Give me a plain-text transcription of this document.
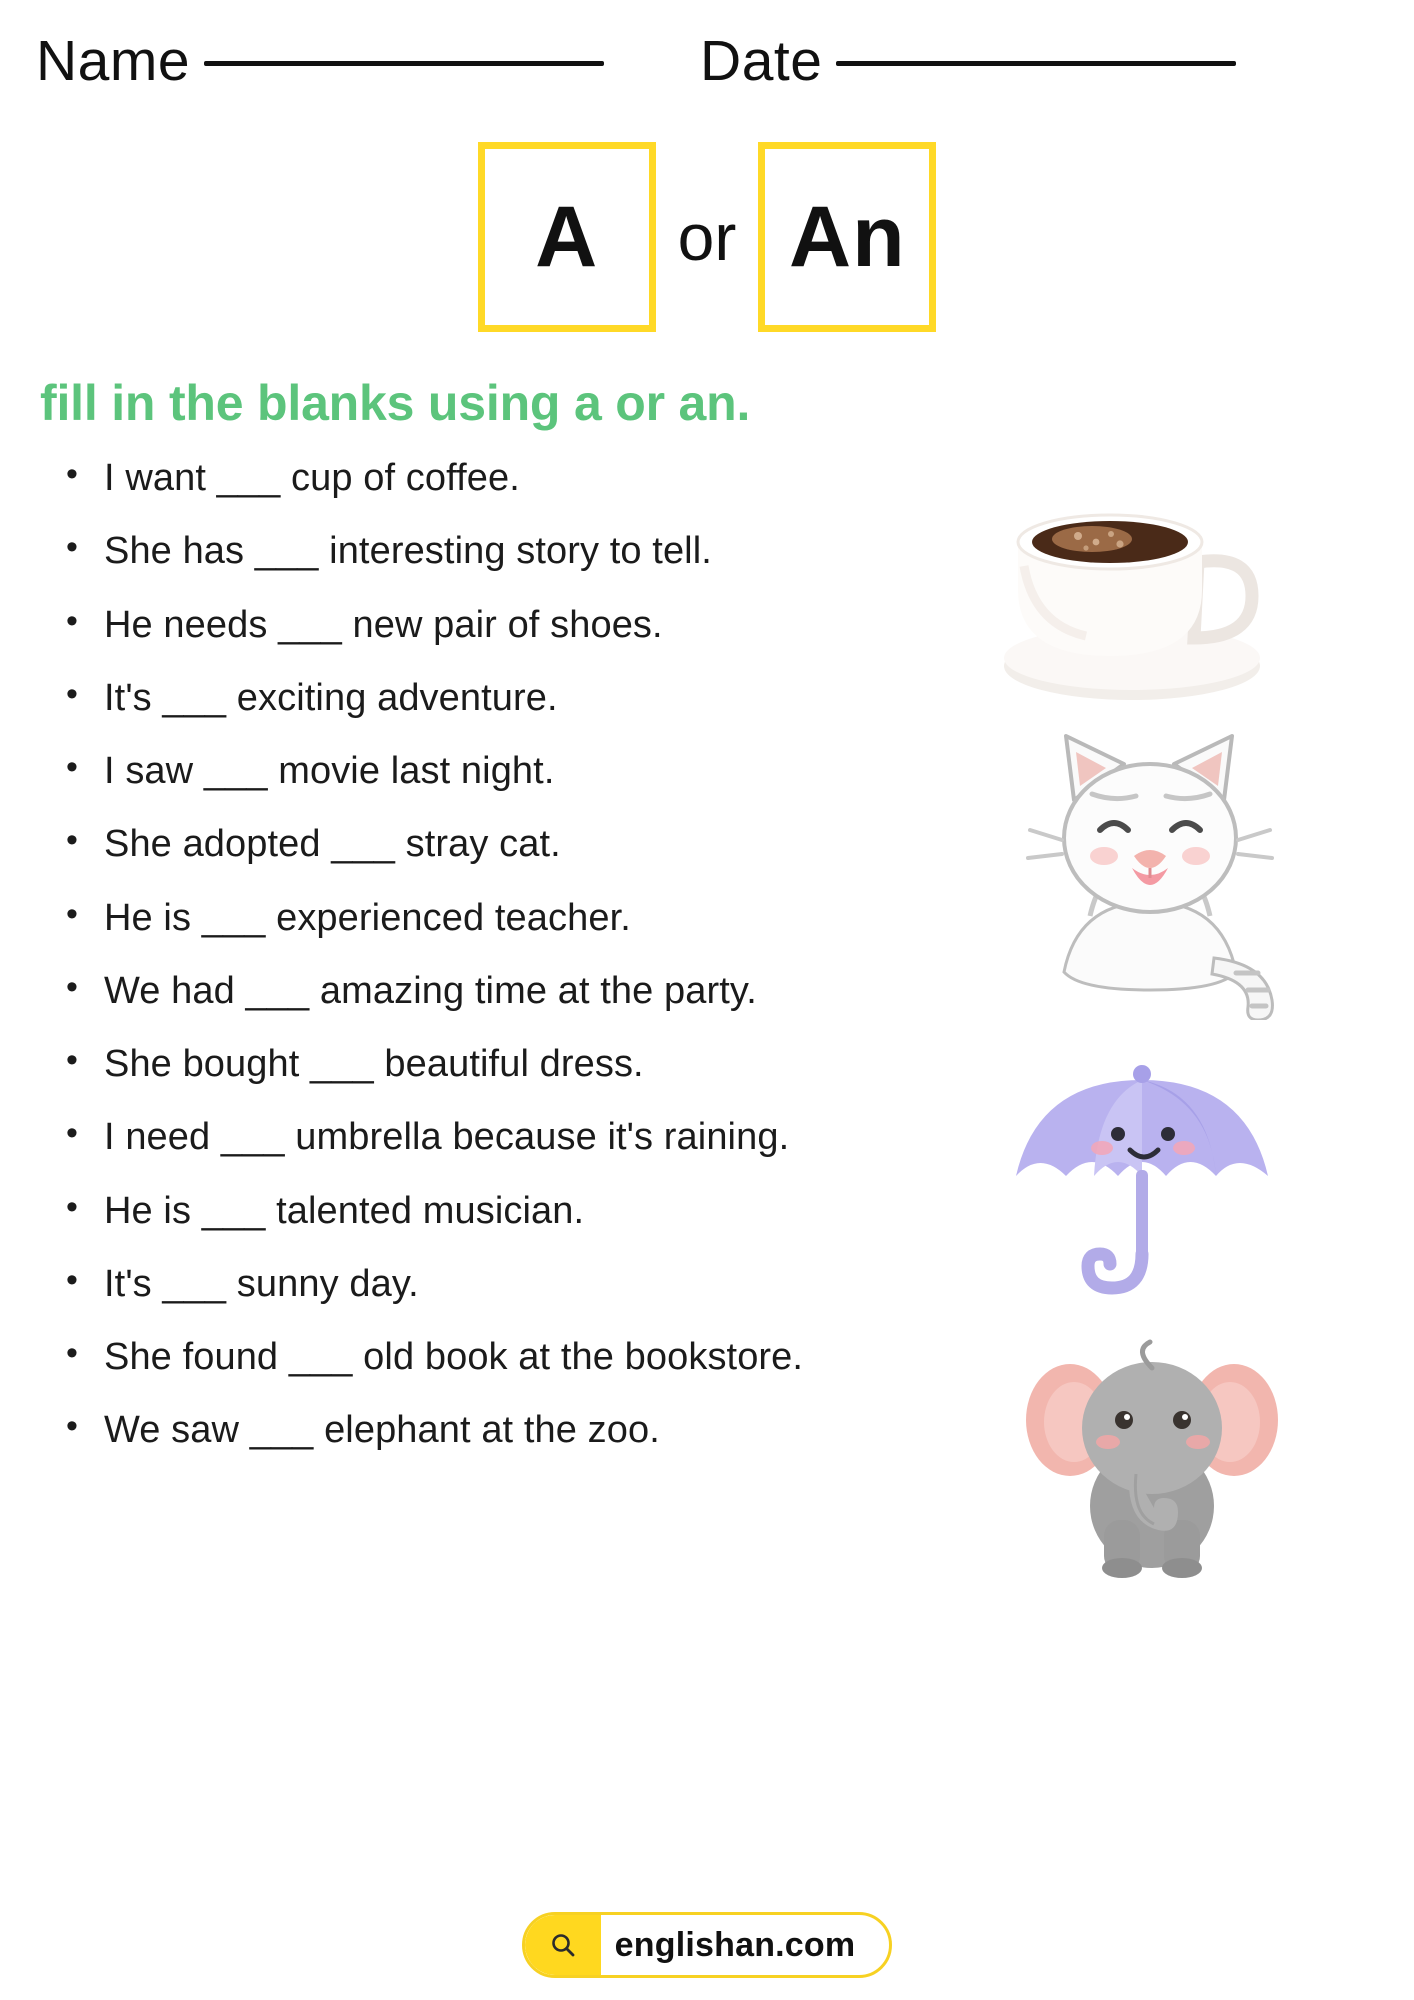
Name	Date
A or An
fill in the blanks using a or an.
• I want ___ cup of coffee.
• She has ___ interesting story to tell.
• He needs ___ new pair of shoes.
• It's ___ exciting adventure.
• I saw ___ movie last night.
• She adopted ___ stray cat.
• He is ___ experienced teacher.
• We had ___ amazing time at the party.
• She bought ___ beautiful dress.
• I need ___ umbrella because it's raining.
• He is ___ talented musician.
• It's ___ sunny day.
• She found ___ old book at the bookstore.
• We saw ___ elephant at the zoo.
englishan.com
